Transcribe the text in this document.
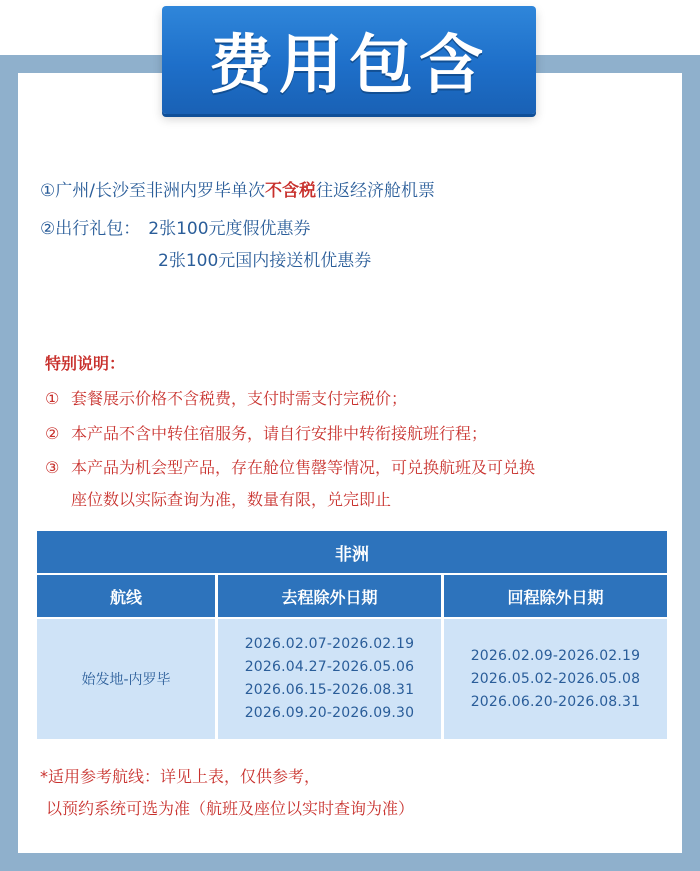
费用包含
①广州/长沙至非洲内罗毕单次不含税往返经济舱机票
②出行礼包： 2张100元度假优惠券
2张100元国内接送机优惠券
特别说明：
① 套餐展示价格不含税费，支付时需支付完税价；
② 本产品不含中转住宿服务，请自行安排中转衔接航班行程；
③ 本产品为机会型产品，存在舱位售罄等情况，可兑换航班及可兑换
座位数以实际查询为准，数量有限，兑完即止
非洲
航线	去程除外日期	回程除外日期
始发地-内罗毕
2026.02.07-2026.02.19
2026.04.27-2026.05.06
2026.06.15-2026.08.31
2026.09.20-2026.09.30
2026.02.09-2026.02.19
2026.05.02-2026.05.08
2026.06.20-2026.08.31
*适用参考航线：详见上表，仅供参考，
以预约系统可选为准（航班及座位以实时查询为准）
